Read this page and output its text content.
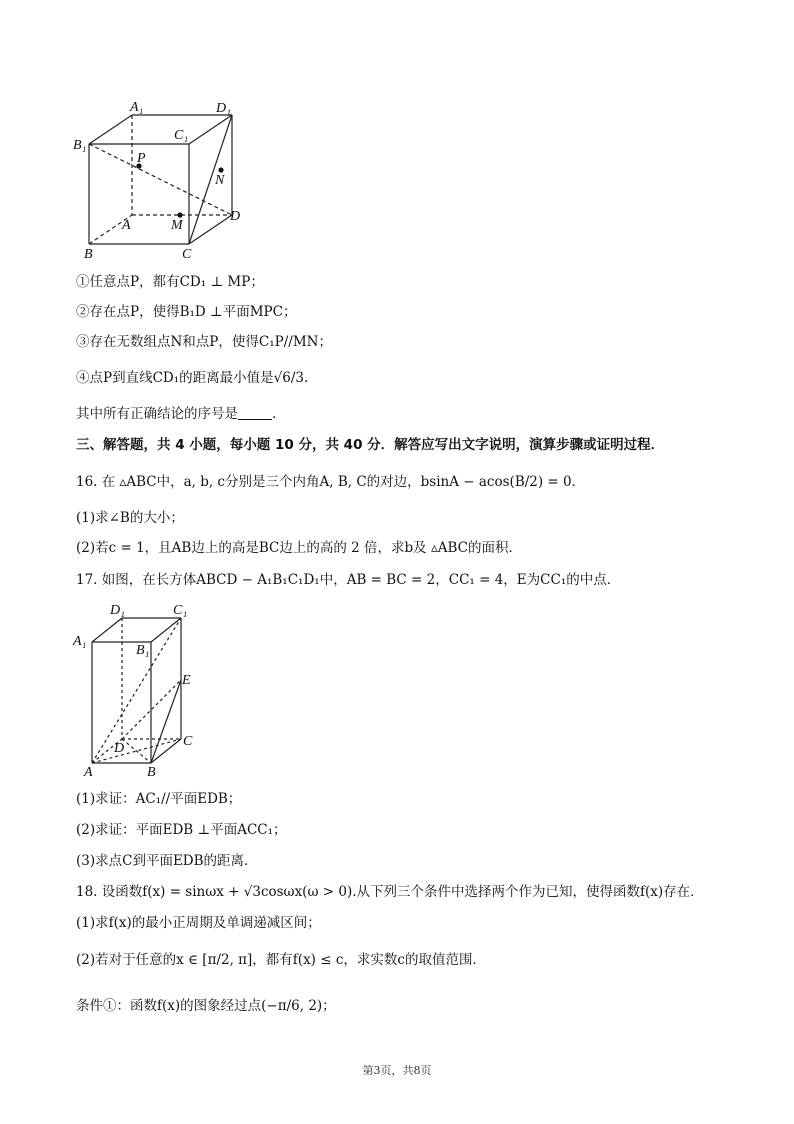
A₁	D₁
B₁
C₁
P
N
A	M
D
B	C
①任意点P，都有CD₁ ⊥ MP；
②存在点P，使得B₁D ⊥平面MPC；
③存在无数组点N和点P，使得C₁P//MN；
④点P到直线CD₁的距离最小值是√6/3.
其中所有正确结论的序号是	.
三、解答题，共 4 小题，每小题 10 分，共 40 分．解答应写出文字说明，演算步骤或证明过程．
16. 在 ▵ABC中，a, b, c分别是三个内角A, B, C的对边，bsinA − acos(B/2) = 0．
(1)求∠B的大小；
(2)若c = 1，且AB边上的高是BC边上的高的 2 倍，求b及 ▵ABC的面积．
17. 如图，在长方体ABCD − A₁B₁C₁D₁中，AB = BC = 2，CC₁ = 4，E为CC₁的中点．
D₁	C₁
A₁
B₁
E
D	C
A	B
(1)求证：AC₁//平面EDB；
(2)求证：平面EDB ⊥平面ACC₁；
(3)求点C到平面EDB的距离．
18. 设函数f(x) = sinωx + √3cosωx(ω > 0).从下列三个条件中选择两个作为已知，使得函数f(x)存在．
(1)求f(x)的最小正周期及单调递减区间；
(2)若对于任意的x ∈ [π/2, π]，都有f(x) ≤ c，求实数c的取值范围．
条件①：函数f(x)的图象经过点(−π/6, 2)；
第3页，共8页
